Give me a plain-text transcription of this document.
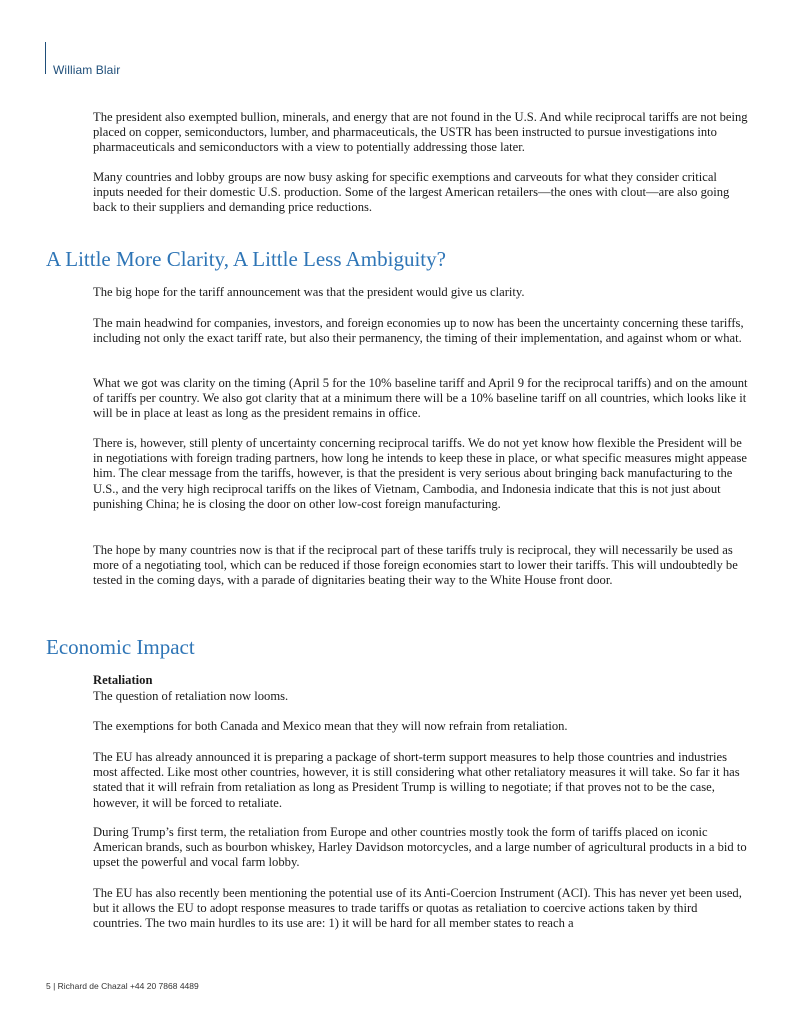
William Blair

The president also exempted bullion, minerals, and energy that are not found in the U.S. And while reciprocal tariffs are not being placed on copper, semiconductors, lumber, and pharmaceuticals, the USTR has been instructed to pursue investigations into pharmaceuticals and semiconductors with a view to potentially addressing those later.

Many countries and lobby groups are now busy asking for specific exemptions and carveouts for what they consider critical inputs needed for their domestic U.S. production. Some of the largest American retailers—the ones with clout—are also going back to their suppliers and demanding price reductions.

A Little More Clarity, A Little Less Ambiguity?

The big hope for the tariff announcement was that the president would give us clarity.

The main headwind for companies, investors, and foreign economies up to now has been the uncertainty concerning these tariffs, including not only the exact tariff rate, but also their permanency, the timing of their implementation, and against whom or what.

What we got was clarity on the timing (April 5 for the 10% baseline tariff and April 9 for the reciprocal tariffs) and on the amount of tariffs per country. We also got clarity that at a minimum there will be a 10% baseline tariff on all countries, which looks like it will be in place at least as long as the president remains in office.

There is, however, still plenty of uncertainty concerning reciprocal tariffs. We do not yet know how flexible the President will be in negotiations with foreign trading partners, how long he intends to keep these in place, or what specific measures might appease him. The clear message from the tariffs, however, is that the president is very serious about bringing back manufacturing to the U.S., and the very high reciprocal tariffs on the likes of Vietnam, Cambodia, and Indonesia indicate that this is not just about punishing China; he is closing the door on other low-cost foreign manufacturing.

The hope by many countries now is that if the reciprocal part of these tariffs truly is reciprocal, they will necessarily be used as more of a negotiating tool, which can be reduced if those foreign economies start to lower their tariffs. This will undoubtedly be tested in the coming days, with a parade of dignitaries beating their way to the White House front door.

Economic Impact
Retaliation

The question of retaliation now looms.

The exemptions for both Canada and Mexico mean that they will now refrain from retaliation.

The EU has already announced it is preparing a package of short-term support measures to help those countries and industries most affected. Like most other countries, however, it is still considering what other retaliatory measures it will take. So far it has stated that it will refrain from retaliation as long as President Trump is willing to negotiate; if that proves not to be the case, however, it will be forced to retaliate.

During Trump’s first term, the retaliation from Europe and other countries mostly took the form of tariffs placed on iconic American brands, such as bourbon whiskey, Harley Davidson motorcycles, and a large number of agricultural products in a bid to upset the powerful and vocal farm lobby.

The EU has also recently been mentioning the potential use of its Anti-Coercion Instrument (ACI). This has never yet been used, but it allows the EU to adopt response measures to trade tariffs or quotas as retaliation to coercive actions taken by third countries. The two main hurdles to its use are: 1) it will be hard for all member states to reach a

5 | Richard de Chazal +44 20 7868 4489
